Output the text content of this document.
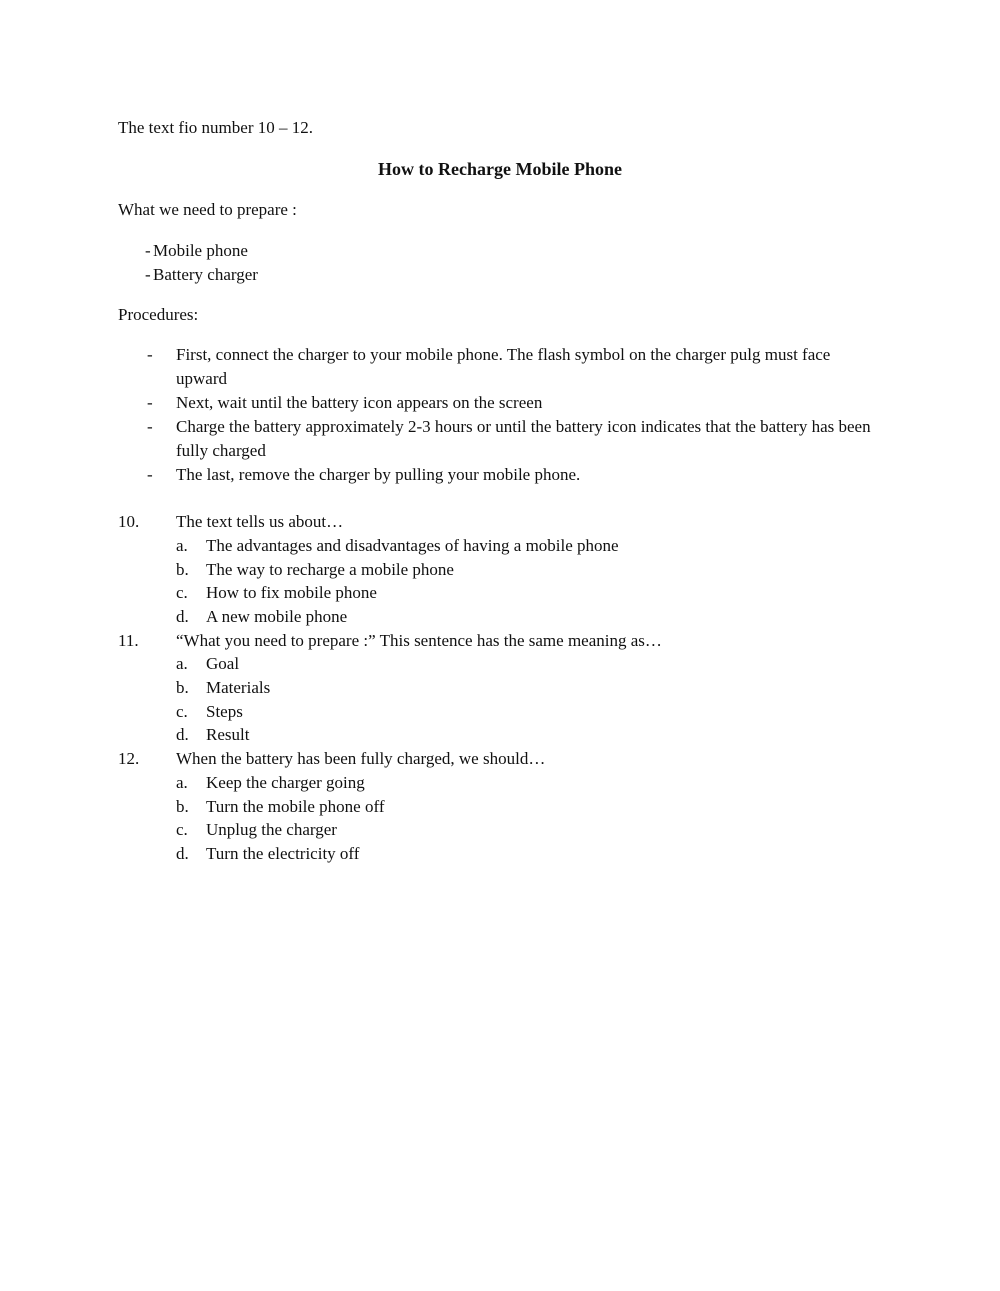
The text fio number 10 – 12.
How to Recharge Mobile Phone
What we need to prepare :
- Mobile phone
- Battery charger
Procedures:
- First, connect the charger to your mobile phone. The flash symbol on the charger pulg must face upward
- Next, wait until the battery icon appears on the screen
- Charge the battery approximately 2-3 hours or until the battery icon indicates that the battery has been fully charged
- The last, remove the charger by pulling your mobile phone.
10. The text tells us about…
a. The advantages and disadvantages of having a mobile phone
b. The way to recharge a mobile phone
c. How to fix mobile phone
d. A new mobile phone
11. “What you need to prepare :” This sentence has the same meaning as…
a. Goal
b. Materials
c. Steps
d. Result
12. When the battery has been fully charged, we should…
a. Keep the charger going
b. Turn the mobile phone off
c. Unplug the charger
d. Turn the electricity off
